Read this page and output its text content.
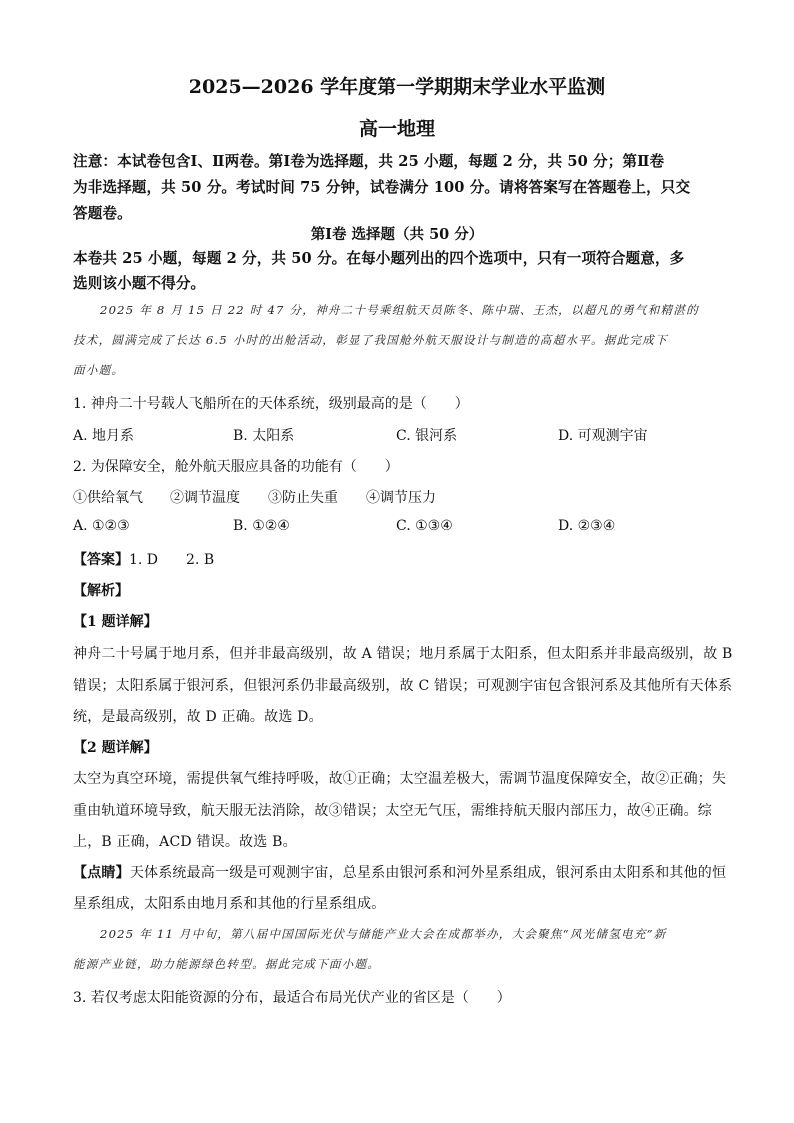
2025—2026 学年度第一学期期末学业水平监测
高一地理
注意：本试卷包含Ⅰ、Ⅱ两卷。第Ⅰ卷为选择题，共 25 小题，每题 2 分，共 50 分；第Ⅱ卷
为非选择题，共 50 分。考试时间 75 分钟，试卷满分 100 分。请将答案写在答题卷上，只交
答题卷。
第Ⅰ卷 选择题（共 50 分）
本卷共 25 小题，每题 2 分，共 50 分。在每小题列出的四个选项中，只有一项符合题意，多
选则该小题不得分。
2025 年 8 月 15 日 22 时 47 分，神舟二十号乘组航天员陈冬、陈中瑞、王杰，以超凡的勇气和精湛的
技术，圆满完成了长达 6.5 小时的出舱活动，彰显了我国舱外航天服设计与制造的高超水平。据此完成下
面小题。
1. 神舟二十号载人飞船所在的天体系统，级别最高的是（　　）
A. 地月系	B. 太阳系	C. 银河系	D. 可观测宇宙
2. 为保障安全，舱外航天服应具备的功能有（　　）
①供给氧气 ②调节温度 ③防止失重 ④调节压力
A. ①②③	B. ①②④	C. ①③④	D. ②③④
【答案】1. D　　2. B
【解析】
【1 题详解】
神舟二十号属于地月系，但并非最高级别，故 A 错误；地月系属于太阳系，但太阳系并非最高级别，故 B
错误；太阳系属于银河系，但银河系仍非最高级别，故 C 错误；可观测宇宙包含银河系及其他所有天体系
统，是最高级别，故 D 正确。故选 D。
【2 题详解】
太空为真空环境，需提供氧气维持呼吸，故①正确；太空温差极大，需调节温度保障安全，故②正确；失
重由轨道环境导致，航天服无法消除，故③错误；太空无气压，需维持航天服内部压力，故④正确。综
上，B 正确，ACD 错误。故选 B。
【点睛】天体系统最高一级是可观测宇宙，总星系由银河系和河外星系组成，银河系由太阳系和其他的恒
星系组成，太阳系由地月系和其他的行星系组成。
2025 年 11 月中旬，第八届中国国际光伏与储能产业大会在成都举办，大会聚焦“风光储氢电充”新
能源产业链，助力能源绿色转型。据此完成下面小题。
3. 若仅考虑太阳能资源的分布，最适合布局光伏产业的省区是（　　）
